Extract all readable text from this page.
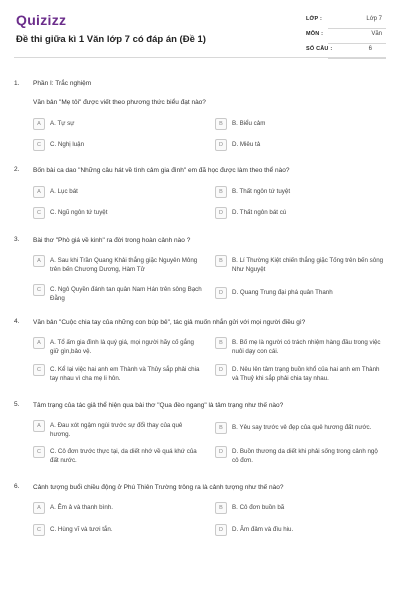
Quizizz
Đề thi giữa kì 1 Văn lớp 7 có đáp án (Đề 1)
LỚP :	Lớp 7
MÔN :	Văn
SỐ CÂU :	6
1. Phần I: Trắc nghiệm
Văn bản "Mẹ tôi" được viết theo phương thức biểu đạt nào?
A	A. Tự sự	B	B. Biểu cảm
C	C. Nghị luận	D	D. Miêu tả
2. Bốn bài ca dao "Những câu hát về tình cảm gia đình" em đã học được làm theo thể nào?
A	A. Lục bát	B	B. Thất ngôn tứ tuyệt
C	C. Ngũ ngôn tứ tuyệt	D	D. Thất ngôn bát cú
3. Bài thơ "Phò giá về kinh" ra đời trong hoàn cảnh nào ?
A	A. Sau khi Trần Quang Khải thắng giặc Nguyên Mông trên bến Chương Dương, Hàm Tử
B	B. Lí Thường Kiệt chiến thắng giặc Tống trên bến sông Như Nguyệt
C	C. Ngô Quyền đánh tan quân Nam Hán trên sông Bạch Đằng
D	D. Quang Trung đại phá quân Thanh
4. Văn bản "Cuộc chia tay của những con búp bê", tác giả muốn nhắn gửi với mọi người điều gì?
A	A. Tổ ấm gia đình là quý giá, mọi người hãy cố gắng giữ gìn,bảo vệ.
B	B. Bố mẹ là người có trách nhiệm hàng đầu trong việc nuôi dạy con cái.
C	C. Kể lại việc hai anh em Thành và Thủy sắp phải chia tay nhau vì cha mẹ li hôn.
D	D. Nêu lên tâm trạng buồn khổ của hai anh em Thành và Thuỷ khi sắp phải chia tay nhau.
5. Tâm trạng của tác giả thể hiện qua bài thơ "Qua đèo ngang" là tâm trạng như thế nào?
A	A. Đau xót ngậm ngùi trước sự đổi thay của quê hương.
B	B. Yêu say trước vẻ đẹp của quê hương đất nước.
C	C. Cô đơn trước thực tại, da diết nhớ về quá khứ của đất nước.
D	D. Buồn thương da diết khi phải sống trong cảnh ngộ cô đơn.
6. Cảnh tượng buổi chiều động ở Phú Thiên Trường trông ra là cảnh tượng như thế nào?
A	A. Êm ả và thanh bình.	B	B. Cô đơn buồn bã
C	C. Hùng vĩ và tươi tắn.	D	D. Âm đảm và đìu hiu.
